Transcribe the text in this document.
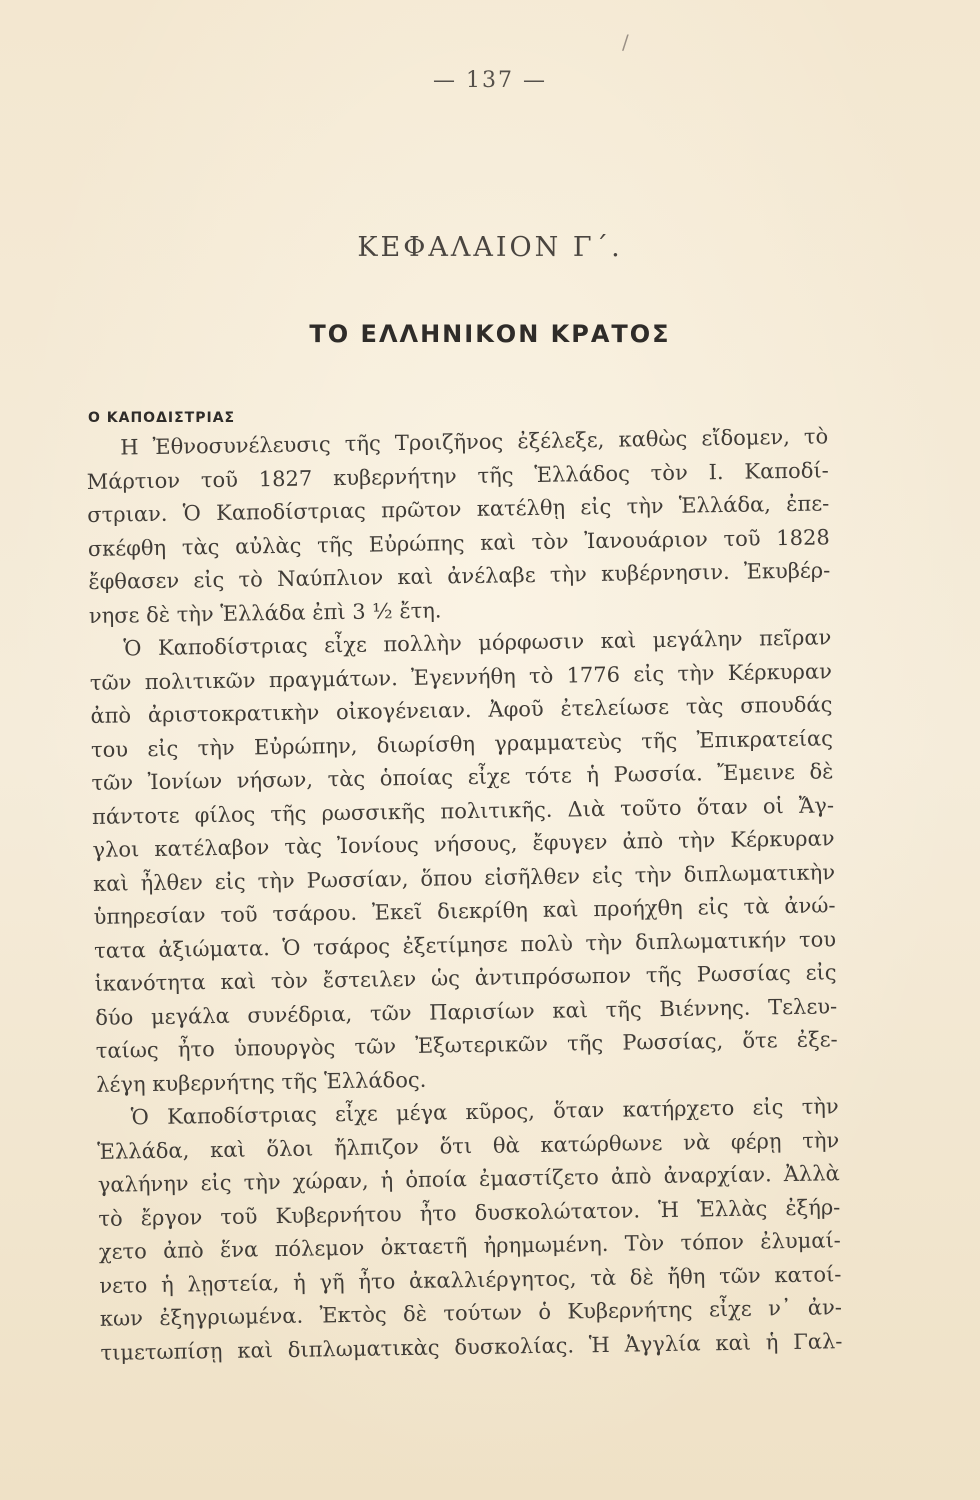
/
— 137 —
ΚΕΦΑΛΑΙΟΝ Γ΄.
ΤΟ ΕΛΛΗΝΙΚΟΝ ΚΡΑΤΟΣ
Ο ΚΑΠΟΔΙΣΤΡΙΑΣ
Η Ἐθνοσυνέλευσις τῆς Τροιζῆνος ἐξέλεξε, καθὼς εἴδομεν, τὸ
Μάρτιον τοῦ 1827 κυβερνήτην τῆς Ἑλλάδος τὸν Ι. Καποδί-
στριαν. Ὁ Καποδίστριας πρῶτον κατέλθῃ εἰς τὴν Ἑλλάδα, ἐπε-
σκέφθη τὰς αὐλὰς τῆς Εὐρώπης καὶ τὸν Ἰανουάριον τοῦ 1828
ἔφθασεν εἰς τὸ Ναύπλιον καὶ ἀνέλαβε τὴν κυβέρνησιν. Ἐκυβέρ-
νησε δὲ τὴν Ἑλλάδα ἐπὶ 3 ½ ἔτη.
Ὁ Καποδίστριας εἶχε πολλὴν μόρφωσιν καὶ μεγάλην πεῖραν
τῶν πολιτικῶν πραγμάτων. Ἐγεννήθη τὸ 1776 εἰς τὴν Κέρκυραν
ἀπὸ ἀριστοκρατικὴν οἰκογένειαν. Ἀφοῦ ἐτελείωσε τὰς σπουδάς
του εἰς τὴν Εὐρώπην, διωρίσθη γραμματεὺς τῆς Ἐπικρατείας
τῶν Ἰονίων νήσων, τὰς ὁποίας εἶχε τότε ἡ Ρωσσία. Ἔμεινε δὲ
πάντοτε φίλος τῆς ρωσσικῆς πολιτικῆς. Διὰ τοῦτο ὅταν οἱ Ἄγ-
γλοι κατέλαβον τὰς Ἰονίους νήσους, ἔφυγεν ἀπὸ τὴν Κέρκυραν
καὶ ἦλθεν εἰς τὴν Ρωσσίαν, ὅπου εἰσῆλθεν εἰς τὴν διπλωματικὴν
ὑπηρεσίαν τοῦ τσάρου. Ἐκεῖ διεκρίθη καὶ προήχθη εἰς τὰ ἀνώ-
τατα ἀξιώματα. Ὁ τσάρος ἐξετίμησε πολὺ τὴν διπλωματικήν του
ἱκανότητα καὶ τὸν ἔστειλεν ὡς ἀντιπρόσωπον τῆς Ρωσσίας εἰς
δύο μεγάλα συνέδρια, τῶν Παρισίων καὶ τῆς Βιέννης. Τελευ-
ταίως ἦτο ὑπουργὸς τῶν Ἐξωτερικῶν τῆς Ρωσσίας, ὅτε ἐξε-
λέγη κυβερνήτης τῆς Ἑλλάδος.
Ὁ Καποδίστριας εἶχε μέγα κῦρος, ὅταν κατήρχετο εἰς τὴν
Ἑλλάδα, καὶ ὅλοι ἤλπιζον ὅτι θὰ κατώρθωνε νὰ φέρῃ τὴν
γαλήνην εἰς τὴν χώραν, ἡ ὁποία ἐμαστίζετο ἀπὸ ἀναρχίαν. Ἀλλὰ
τὸ ἔργον τοῦ Κυβερνήτου ἦτο δυσκολώτατον. Ἡ Ἑλλὰς ἐξήρ-
χετο ἀπὸ ἕνα πόλεμον ὀκταετῆ ἠρημωμένη. Τὸν τόπον ἐλυμαί-
νετο ἡ λῃστεία, ἡ γῆ ἦτο ἀκαλλιέργητος, τὰ δὲ ἤθη τῶν κατοί-
κων ἐξηγριωμένα. Ἐκτὸς δὲ τούτων ὁ Κυβερνήτης εἶχε ν᾽ ἀν-
τιμετωπίσῃ καὶ διπλωματικὰς δυσκολίας. Ἡ Ἀγγλία καὶ ἡ Γαλ-
